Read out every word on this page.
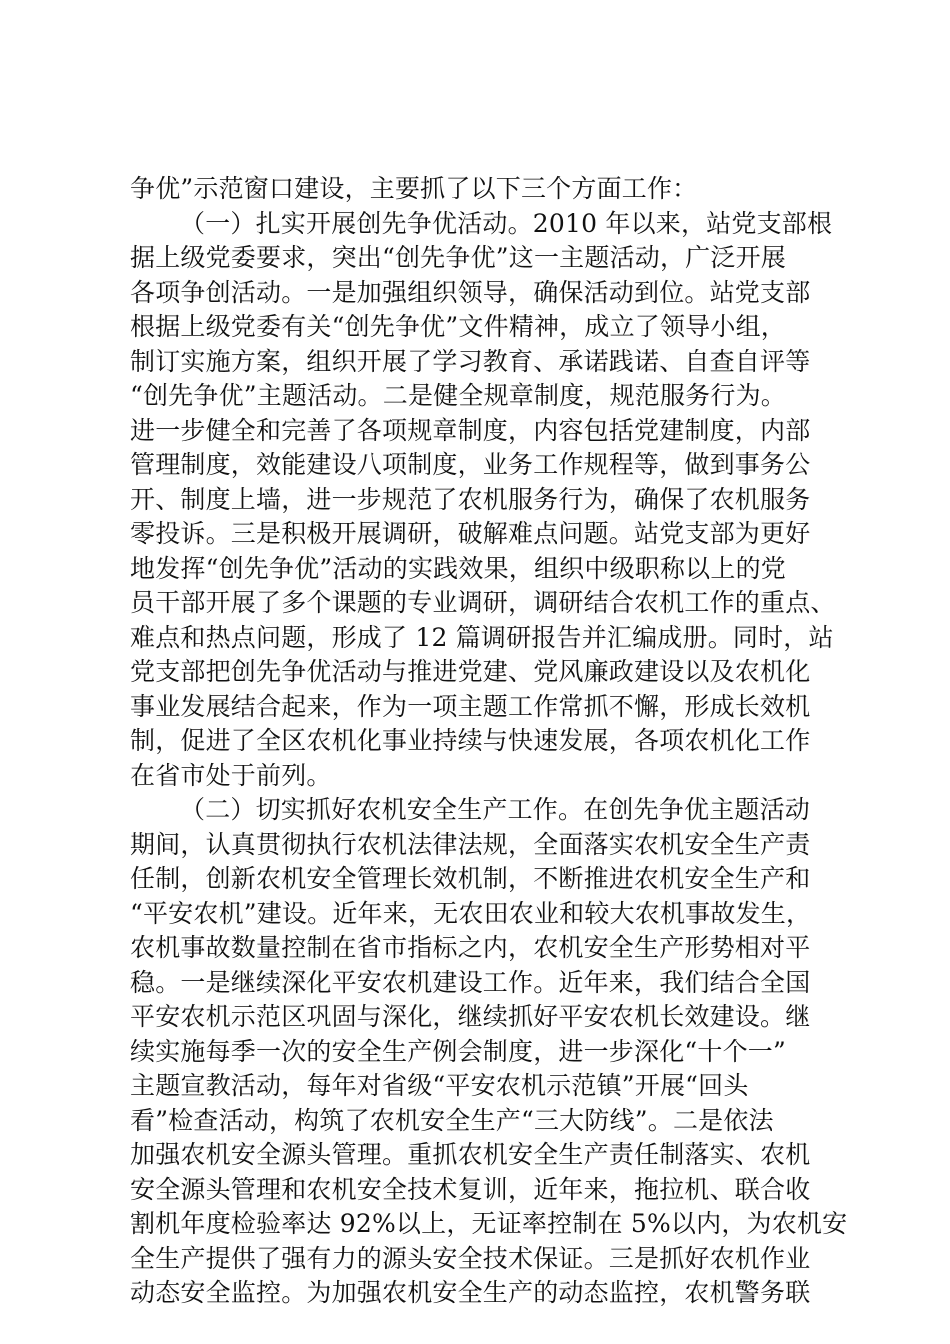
争优”示范窗口建设，主要抓了以下三个方面工作：
（一）扎实开展创先争优活动。2010 年以来，站党支部根
据上级党委要求，突出“创先争优”这一主题活动，广泛开展
各项争创活动。一是加强组织领导，确保活动到位。站党支部
根据上级党委有关“创先争优”文件精神，成立了领导小组，
制订实施方案，组织开展了学习教育、承诺践诺、自查自评等
“创先争优”主题活动。二是健全规章制度，规范服务行为。
进一步健全和完善了各项规章制度，内容包括党建制度，内部
管理制度，效能建设八项制度，业务工作规程等，做到事务公
开、制度上墙，进一步规范了农机服务行为，确保了农机服务
零投诉。三是积极开展调研，破解难点问题。站党支部为更好
地发挥“创先争优”活动的实践效果，组织中级职称以上的党
员干部开展了多个课题的专业调研，调研结合农机工作的重点、
难点和热点问题，形成了 12 篇调研报告并汇编成册。同时，站
党支部把创先争优活动与推进党建、党风廉政建设以及农机化
事业发展结合起来，作为一项主题工作常抓不懈，形成长效机
制，促进了全区农机化事业持续与快速发展，各项农机化工作
在省市处于前列。
（二）切实抓好农机安全生产工作。在创先争优主题活动
期间，认真贯彻执行农机法律法规，全面落实农机安全生产责
任制，创新农机安全管理长效机制，不断推进农机安全生产和
“平安农机”建设。近年来，无农田农业和较大农机事故发生，
农机事故数量控制在省市指标之内，农机安全生产形势相对平
稳。一是继续深化平安农机建设工作。近年来，我们结合全国
平安农机示范区巩固与深化，继续抓好平安农机长效建设。继
续实施每季一次的安全生产例会制度，进一步深化“十个一”
主题宣教活动，每年对省级“平安农机示范镇”开展“回头
看”检查活动，构筑了农机安全生产“三大防线”。二是依法
加强农机安全源头管理。重抓农机安全生产责任制落实、农机
安全源头管理和农机安全技术复训，近年来，拖拉机、联合收
割机年度检验率达 92%以上，无证率控制在 5%以内，为农机安
全生产提供了强有力的源头安全技术保证。三是抓好农机作业
动态安全监控。为加强农机安全生产的动态监控，农机警务联
